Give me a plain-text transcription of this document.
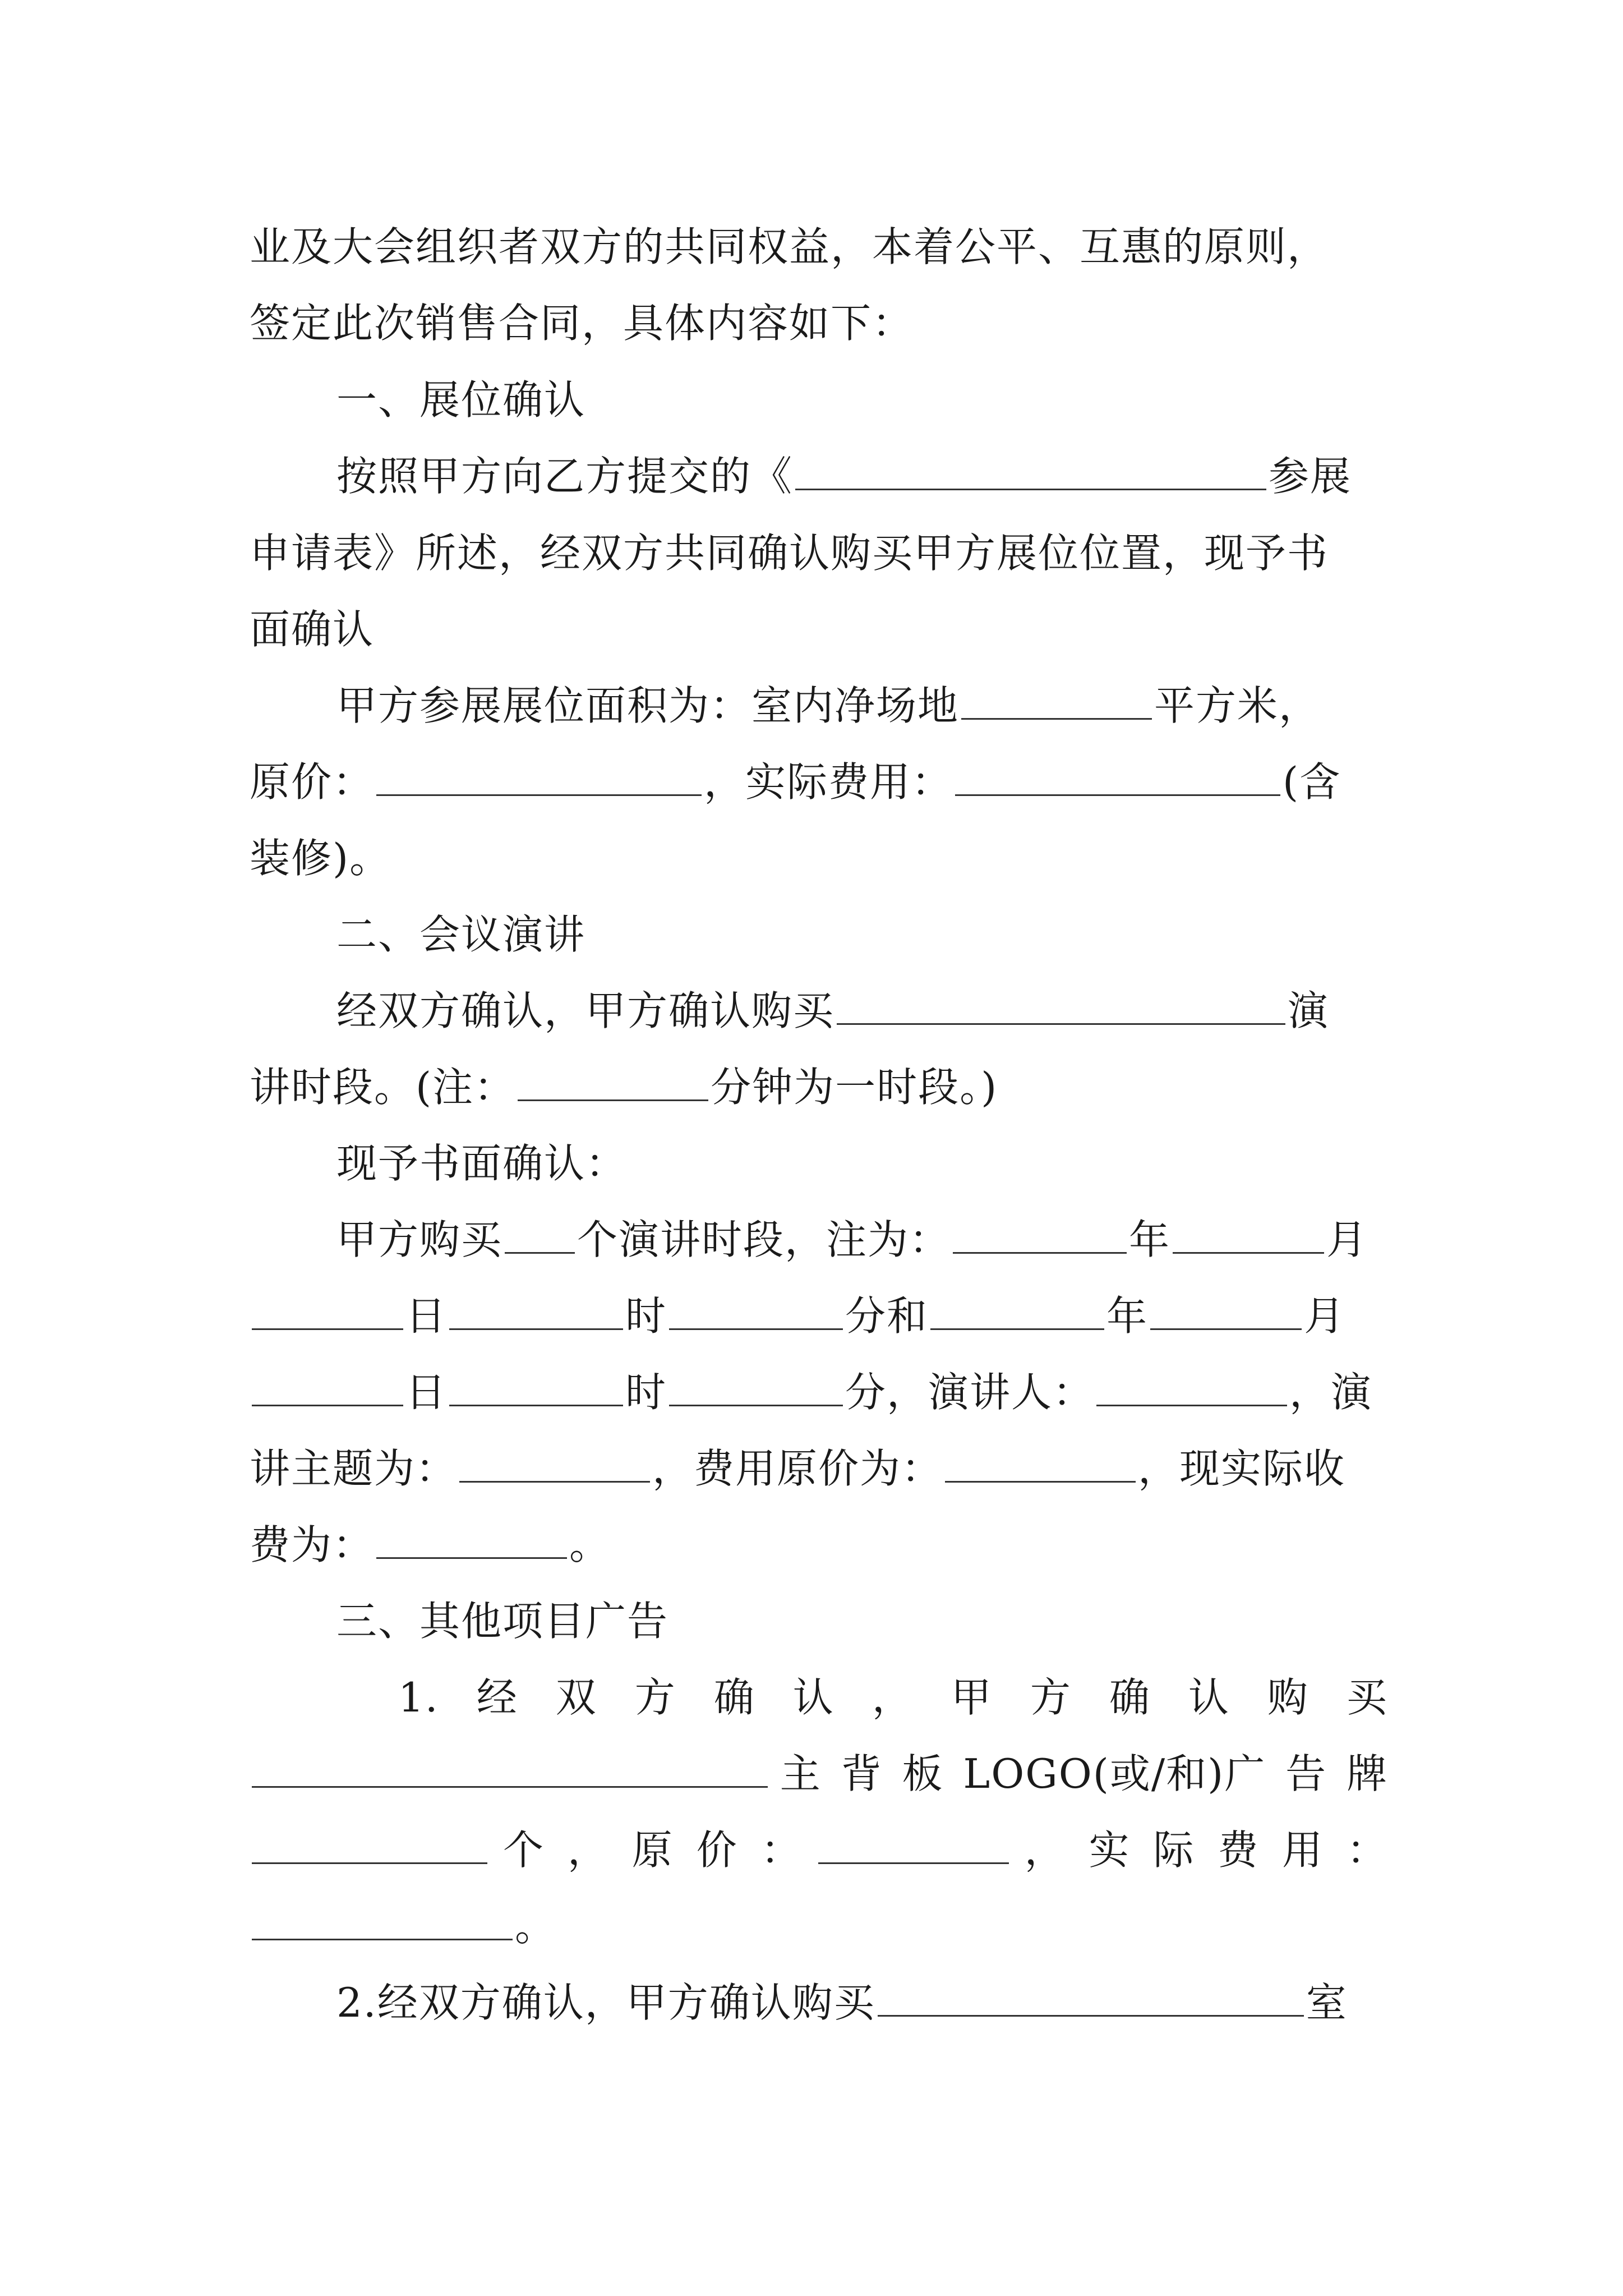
业及大会组织者双方的共同权益，本着公平、互惠的原则，
签定此次销售合同，具体内容如下：
一、展位确认
按照甲方向乙方提交的《	参展
申请表》所述，经双方共同确认购买甲方展位位置，现予书
面确认
甲方参展展位面积为：室内净场地	平方米，
原价：	，实际费用：	(含
装修)。
二、会议演讲
经双方确认，甲方确认购买	演
讲时段。(注：	分钟为一时段。)
现予书面确认：
甲方购买 个演讲时段，注为：	年	月
日	时	分和	年	月
日	时	分，演讲人：	，演
讲主题为：	，费用原价为：	，现实际收
费为：	。
三、其他项目广告
1. 经 双 方 确 认 ， 甲 方 确 认 购 买
主 背 板 LOGO(或/和)广 告 牌
个 ， 原 价 ：	， 实 际 费 用 ：
。
2.经双方确认，甲方确认购买	室
